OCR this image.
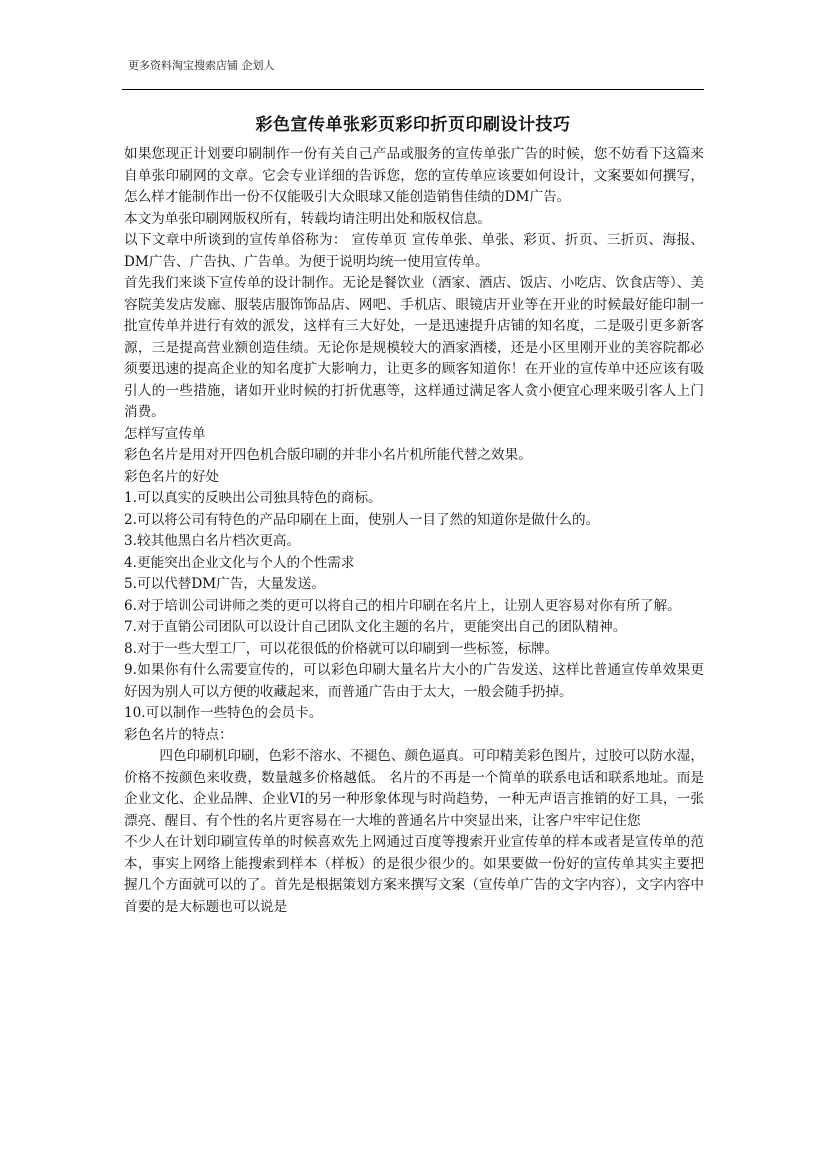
更多资料淘宝搜索店铺 企划人
彩色宣传单张彩页彩印折页印刷设计技巧

如果您现正计划要印刷制作一份有关自己产品或服务的宣传单张广告的时候，您不妨看下这篇来自单张印刷网的文章。它会专业详细的告诉您，您的宣传单应该要如何设计，文案要如何撰写，怎么样才能制作出一份不仅能吸引大众眼球又能创造销售佳绩的DM广告。

本文为单张印刷网版权所有，转载均请注明出处和版权信息。

以下文章中所谈到的宣传单俗称为： 宣传单页 宣传单张、单张、彩页、折页、三折页、海报、DM广告、广告执、广告单。为便于说明均统一使用宣传单。

首先我们来谈下宣传单的设计制作。无论是餐饮业（酒家、酒店、饭店、小吃店、饮食店等）、美容院美发店发廊、服装店服饰饰品店、网吧、手机店、眼镜店开业等在开业的时候最好能印制一批宣传单并进行有效的派发，这样有三大好处，一是迅速提升店铺的知名度，二是吸引更多新客源，三是提高营业额创造佳绩。无论你是规模较大的酒家酒楼，还是小区里刚开业的美容院都必须要迅速的提高企业的知名度扩大影响力，让更多的顾客知道你！在开业的宣传单中还应该有吸引人的一些措施，诸如开业时候的打折优惠等，这样通过满足客人贪小便宜心理来吸引客人上门消费。

怎样写宣传单

彩色名片是用对开四色机合版印刷的并非小名片机所能代替之效果。

彩色名片的好处

1.可以真实的反映出公司独具特色的商标。

2.可以将公司有特色的产品印刷在上面，使别人一目了然的知道你是做什么的。

3.较其他黑白名片档次更高。

4.更能突出企业文化与个人的个性需求

5.可以代替DM广告，大量发送。

6.对于培训公司讲师之类的更可以将自己的相片印刷在名片上，让别人更容易对你有所了解。

7.对于直销公司团队可以设计自己团队文化主题的名片，更能突出自己的团队精神。

8.对于一些大型工厂，可以花很低的价格就可以印刷到一些标签，标牌。

9.如果你有什么需要宣传的，可以彩色印刷大量名片大小的广告发送、这样比普通宣传单效果更好因为别人可以方便的收藏起来，而普通广告由于太大，一般会随手扔掉。

10.可以制作一些特色的会员卡。

彩色名片的特点：

四色印刷机印刷，色彩不溶水、不褪色、颜色逼真。可印精美彩色图片，过胶可以防水湿，价格不按颜色来收费，数量越多价格越低。 名片的不再是一个简单的联系电话和联系地址。而是企业文化、企业品牌、企业VI的另一种形象体现与时尚趋势，一种无声语言推销的好工具，一张漂亮、醒目、有个性的名片更容易在一大堆的普通名片中突显出来，让客户牢牢记住您

不少人在计划印刷宣传单的时候喜欢先上网通过百度等搜索开业宣传单的样本或者是宣传单的范本，事实上网络上能搜索到样本（样板）的是很少很少的。如果要做一份好的宣传单其实主要把握几个方面就可以的了。首先是根据策划方案来撰写文案（宣传单广告的文字内容），文字内容中首要的是大标题也可以说是
